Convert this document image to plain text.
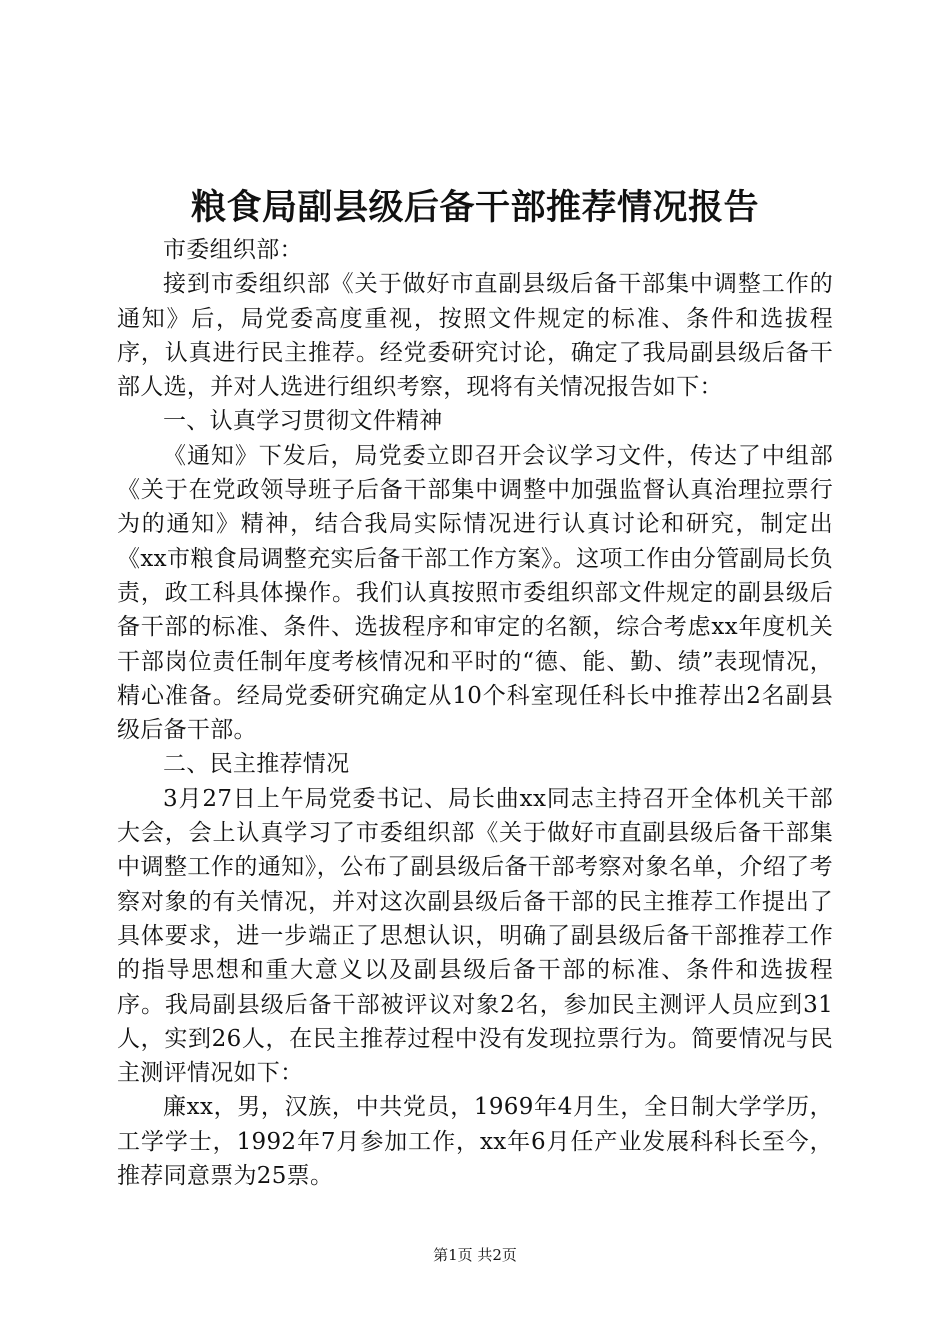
粮食局副县级后备干部推荐情况报告

市委组织部：

接到市委组织部《关于做好市直副县级后备干部集中调整工作的通知》后，局党委高度重视，按照文件规定的标准、条件和选拔程序，认真进行民主推荐。经党委研究讨论，确定了我局副县级后备干部人选，并对人选进行组织考察，现将有关情况报告如下：

一、认真学习贯彻文件精神

《通知》下发后，局党委立即召开会议学习文件，传达了中组部《关于在党政领导班子后备干部集中调整中加强监督认真治理拉票行为的通知》精神，结合我局实际情况进行认真讨论和研究，制定出《xx市粮食局调整充实后备干部工作方案》。这项工作由分管副局长负责，政工科具体操作。我们认真按照市委组织部文件规定的副县级后备干部的标准、条件、选拔程序和审定的名额，综合考虑xx年度机关干部岗位责任制年度考核情况和平时的“德、能、勤、绩”表现情况，精心准备。经局党委研究确定从10个科室现任科长中推荐出2名副县级后备干部。

二、民主推荐情况

3月27日上午局党委书记、局长曲xx同志主持召开全体机关干部大会，会上认真学习了市委组织部《关于做好市直副县级后备干部集中调整工作的通知》，公布了副县级后备干部考察对象名单，介绍了考察对象的有关情况，并对这次副县级后备干部的民主推荐工作提出了具体要求，进一步端正了思想认识，明确了副县级后备干部推荐工作的指导思想和重大意义以及副县级后备干部的标准、条件和选拔程序。我局副县级后备干部被评议对象2名，参加民主测评人员应到31人，实到26人，在民主推荐过程中没有发现拉票行为。简要情况与民主测评情况如下：

廉xx，男，汉族，中共党员，1969年4月生，全日制大学学历，工学学士，1992年7月参加工作，xx年6月任产业发展科科长至今，推荐同意票为25票。

第1页 共2页
